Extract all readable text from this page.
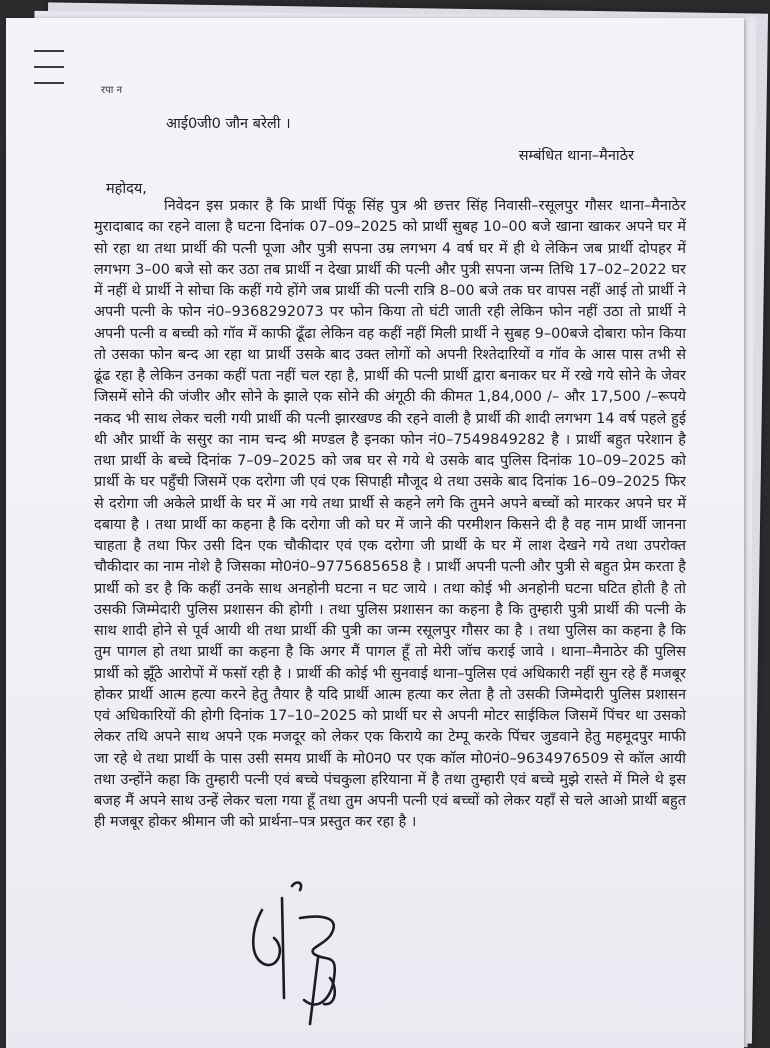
रपा न
आई0जी0 जौन बरेली ।
सम्बंधित थाना–मैनाठेर
महोदय,
निवेदन इस प्रकार है कि प्रार्थी पिंकू सिंह पुत्र श्री छत्तर सिंह निवासी–रसूलपुर गौसर थाना–मैनाठेर मुरादाबाद का रहने वाला है घटना दिनांक 07–09–2025 को प्रार्थी सुबह 10–00 बजे खाना खाकर अपने घर में सो रहा था तथा प्रार्थी की पत्नी पूजा और पुत्री सपना उम्र लगभग 4 वर्ष घर में ही थे लेकिन जब प्रार्थी दोपहर में लगभग 3–00 बजे सो कर उठा तब प्रार्थी न देखा प्रार्थी की पत्नी और पुत्री सपना जन्म तिथि 17–02–2022 घर में नहीं थे प्रार्थी ने सोचा कि कहीं गये होंगे जब प्रार्थी की पत्नी रात्रि 8–00 बजे तक घर वापस नहीं आई तो प्रार्थी ने अपनी पत्नी के फोन नं0–9368292073 पर फोन किया तो घंटी जाती रही लेकिन फोन नहीं उठा तो प्रार्थी ने अपनी पत्नी व बच्ची को गॉव में काफी ढूँढा लेकिन वह कहीं नहीं मिली प्रार्थी ने सुबह 9–00बजे दोबारा फोन किया तो उसका फोन बन्द आ रहा था प्रार्थी उसके बाद उक्त लोगों को अपनी रिश्तेदारियों व गॉव के आस पास तभी से ढूंढ रहा है लेकिन उनका कहीं पता नहीं चल रहा है, प्रार्थी की पत्नी प्रार्थी द्वारा बनाकर घर में रखे गये सोने के जेवर जिसमें सोने की जंजीर और सोने के झाले एक सोने की अंगूठी की कीमत 1,84,000 /– और 17,500 /–रूपये नकद भी साथ लेकर चली गयी प्रार्थी की पत्नी झारखण्ड की रहने वाली है प्रार्थी की शादी लगभग 14 वर्ष पहले हुई थी और प्रार्थी के ससुर का नाम चन्द श्री मण्डल है इनका फोन नं0–7549849282 है । प्रार्थी बहुत परेशान है तथा प्रार्थी के बच्चे दिनांक 7–09–2025 को जब घर से गये थे उसके बाद पुलिस दिनांक 10–09–2025 को प्रार्थी के घर पहुँची जिसमें एक दरोगा जी एवं एक सिपाही मौजूद थे तथा उसके बाद दिनांक 16–09–2025 फिर से दरोगा जी अकेले प्रार्थी के घर में आ गये तथा प्रार्थी से कहने लगे कि तुमने अपने बच्चों को मारकर अपने घर में दबाया है । तथा प्रार्थी का कहना है कि दरोगा जी को घर में जाने की परमीशन किसने दी है वह नाम प्रार्थी जानना चाहता है तथा फिर उसी दिन एक चौकीदार एवं एक दरोगा जी प्रार्थी के घर में लाश देखने गये तथा उपरोक्त चौकीदार का नाम नोशे है जिसका मो0नं0–9775685658 है । प्रार्थी अपनी पत्नी और पुत्री से बहुत प्रेम करता है प्रार्थी को डर है कि कहीं उनके साथ अनहोनी घटना न घट जाये । तथा कोई भी अनहोनी घटना घटित होती है तो उसकी जिम्मेदारी पुलिस प्रशासन की होगी । तथा पुलिस प्रशासन का कहना है कि तुम्हारी पुत्री प्रार्थी की पत्नी के साथ शादी होने से पूर्व आयी थी तथा प्रार्थी की पुत्री का जन्म रसूलपुर गौसर का है । तथा पुलिस का कहना है कि तुम पागल हो तथा प्रार्थी का कहना है कि अगर मैं पागल हूँ तो मेरी जॉच कराई जावे । थाना–मैनाठेर की पुलिस प्रार्थी को झूँठे आरोपों में फसॉ रही है । प्रार्थी की कोई भी सुनवाई थाना–पुलिस एवं अधिकारी नहीं सुन रहे हैं मजबूर होकर प्रार्थी आत्म हत्या करने हेतु तैयार है यदि प्रार्थी आत्म हत्या कर लेता है तो उसकी जिम्मेदारी पुलिस प्रशासन एवं अधिकारियों की होगी दिनांक 17–10–2025 को प्रार्थी घर से अपनी मोटर साईकिल जिसमें पिंचर था उसको लेकर तथि अपने साथ अपने एक मजदूर को लेकर एक किराये का टेम्पू करके पिंचर जुडवाने हेतु महमूदपुर माफी जा रहे थे तथा प्रार्थी के पास उसी समय प्रार्थी के मो0न0 पर एक कॉल मो0नं0–9634976509 से कॉल आयी तथा उन्होंने कहा कि तुम्हारी पत्नी एवं बच्चे पंचकुला हरियाना में है तथा तुम्हारी एवं बच्चे मुझे रास्ते में मिले थे इस बजह मैं अपने साथ उन्हें लेकर चला गया हूँ तथा तुम अपनी पत्नी एवं बच्चों को लेकर यहाँ से चले आओ प्रार्थी बहुत ही मजबूर होकर श्रीमान जी को प्रार्थना–पत्र प्रस्तुत कर रहा है ।
